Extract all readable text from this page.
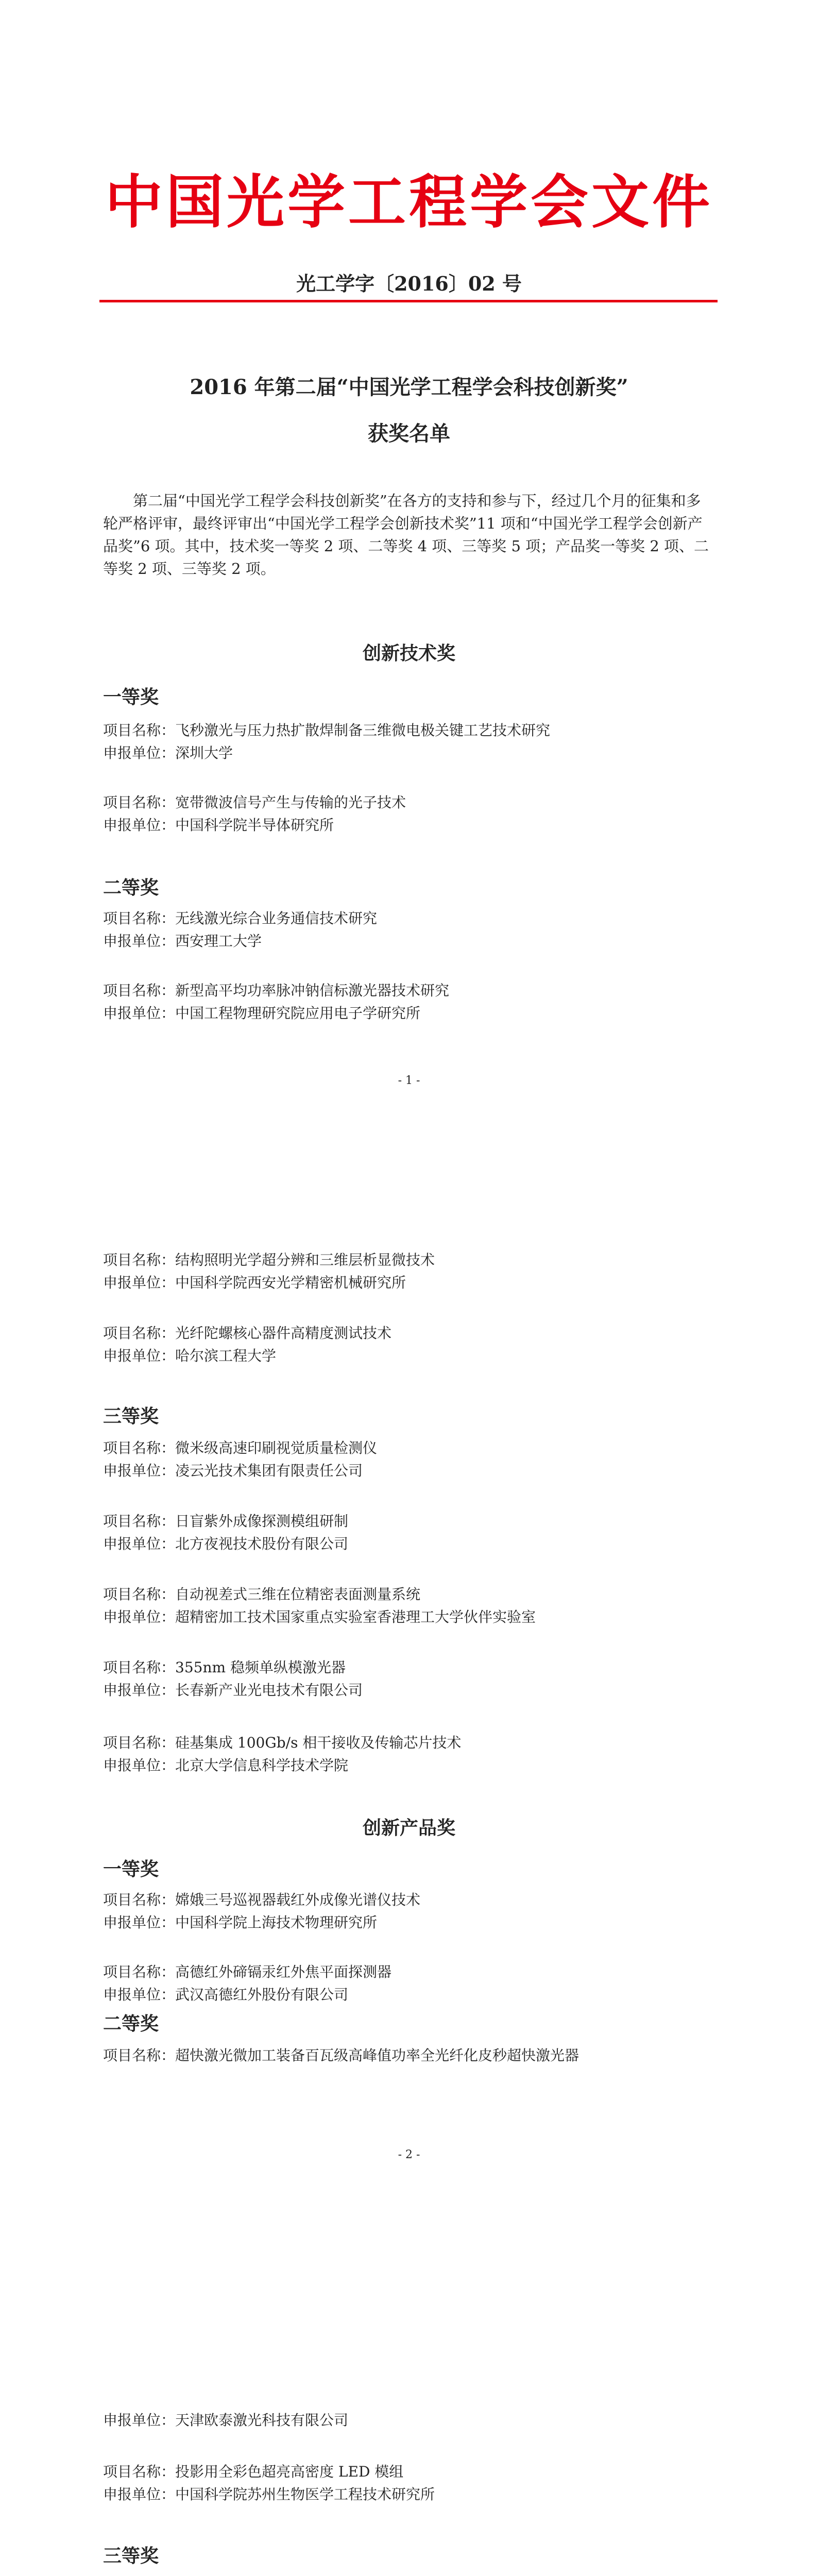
中国光学工程学会文件
光工学字〔2016〕02 号
2016 年第二届“中国光学工程学会科技创新奖”
获奖名单
第二届“中国光学工程学会科技创新奖”在各方的支持和参与下，经过几个月的征集和多轮严格评审，最终评审出“中国光学工程学会创新技术奖”11 项和“中国光学工程学会创新产品奖”6 项。其中，技术奖一等奖 2 项、二等奖 4 项、三等奖 5 项；产品奖一等奖 2 项、二等奖 2 项、三等奖 2 项。
创新技术奖
一等奖
项目名称：飞秒激光与压力热扩散焊制备三维微电极关键工艺技术研究
申报单位：深圳大学
项目名称：宽带微波信号产生与传输的光子技术
申报单位：中国科学院半导体研究所
二等奖
项目名称：无线激光综合业务通信技术研究
申报单位：西安理工大学
项目名称：新型高平均功率脉冲钠信标激光器技术研究
申报单位：中国工程物理研究院应用电子学研究所
- 1 -
项目名称：结构照明光学超分辨和三维层析显微技术
申报单位：中国科学院西安光学精密机械研究所
项目名称：光纤陀螺核心器件高精度测试技术
申报单位：哈尔滨工程大学
三等奖
项目名称：微米级高速印刷视觉质量检测仪
申报单位：凌云光技术集团有限责任公司
项目名称：日盲紫外成像探测模组研制
申报单位：北方夜视技术股份有限公司
项目名称：自动视差式三维在位精密表面测量系统
申报单位：超精密加工技术国家重点实验室香港理工大学伙伴实验室
项目名称：355nm 稳频单纵模激光器
申报单位：长春新产业光电技术有限公司
项目名称：硅基集成 100Gb/s 相干接收及传输芯片技术
申报单位：北京大学信息科学技术学院
创新产品奖
一等奖
项目名称：嫦娥三号巡视器载红外成像光谱仪技术
申报单位：中国科学院上海技术物理研究所
项目名称：高德红外碲镉汞红外焦平面探测器
申报单位：武汉高德红外股份有限公司
二等奖
项目名称：超快激光微加工装备百瓦级高峰值功率全光纤化皮秒超快激光器
- 2 -
申报单位：天津欧泰激光科技有限公司
项目名称：投影用全彩色超亮高密度 LED 模组
申报单位：中国科学院苏州生物医学工程技术研究所
三等奖
